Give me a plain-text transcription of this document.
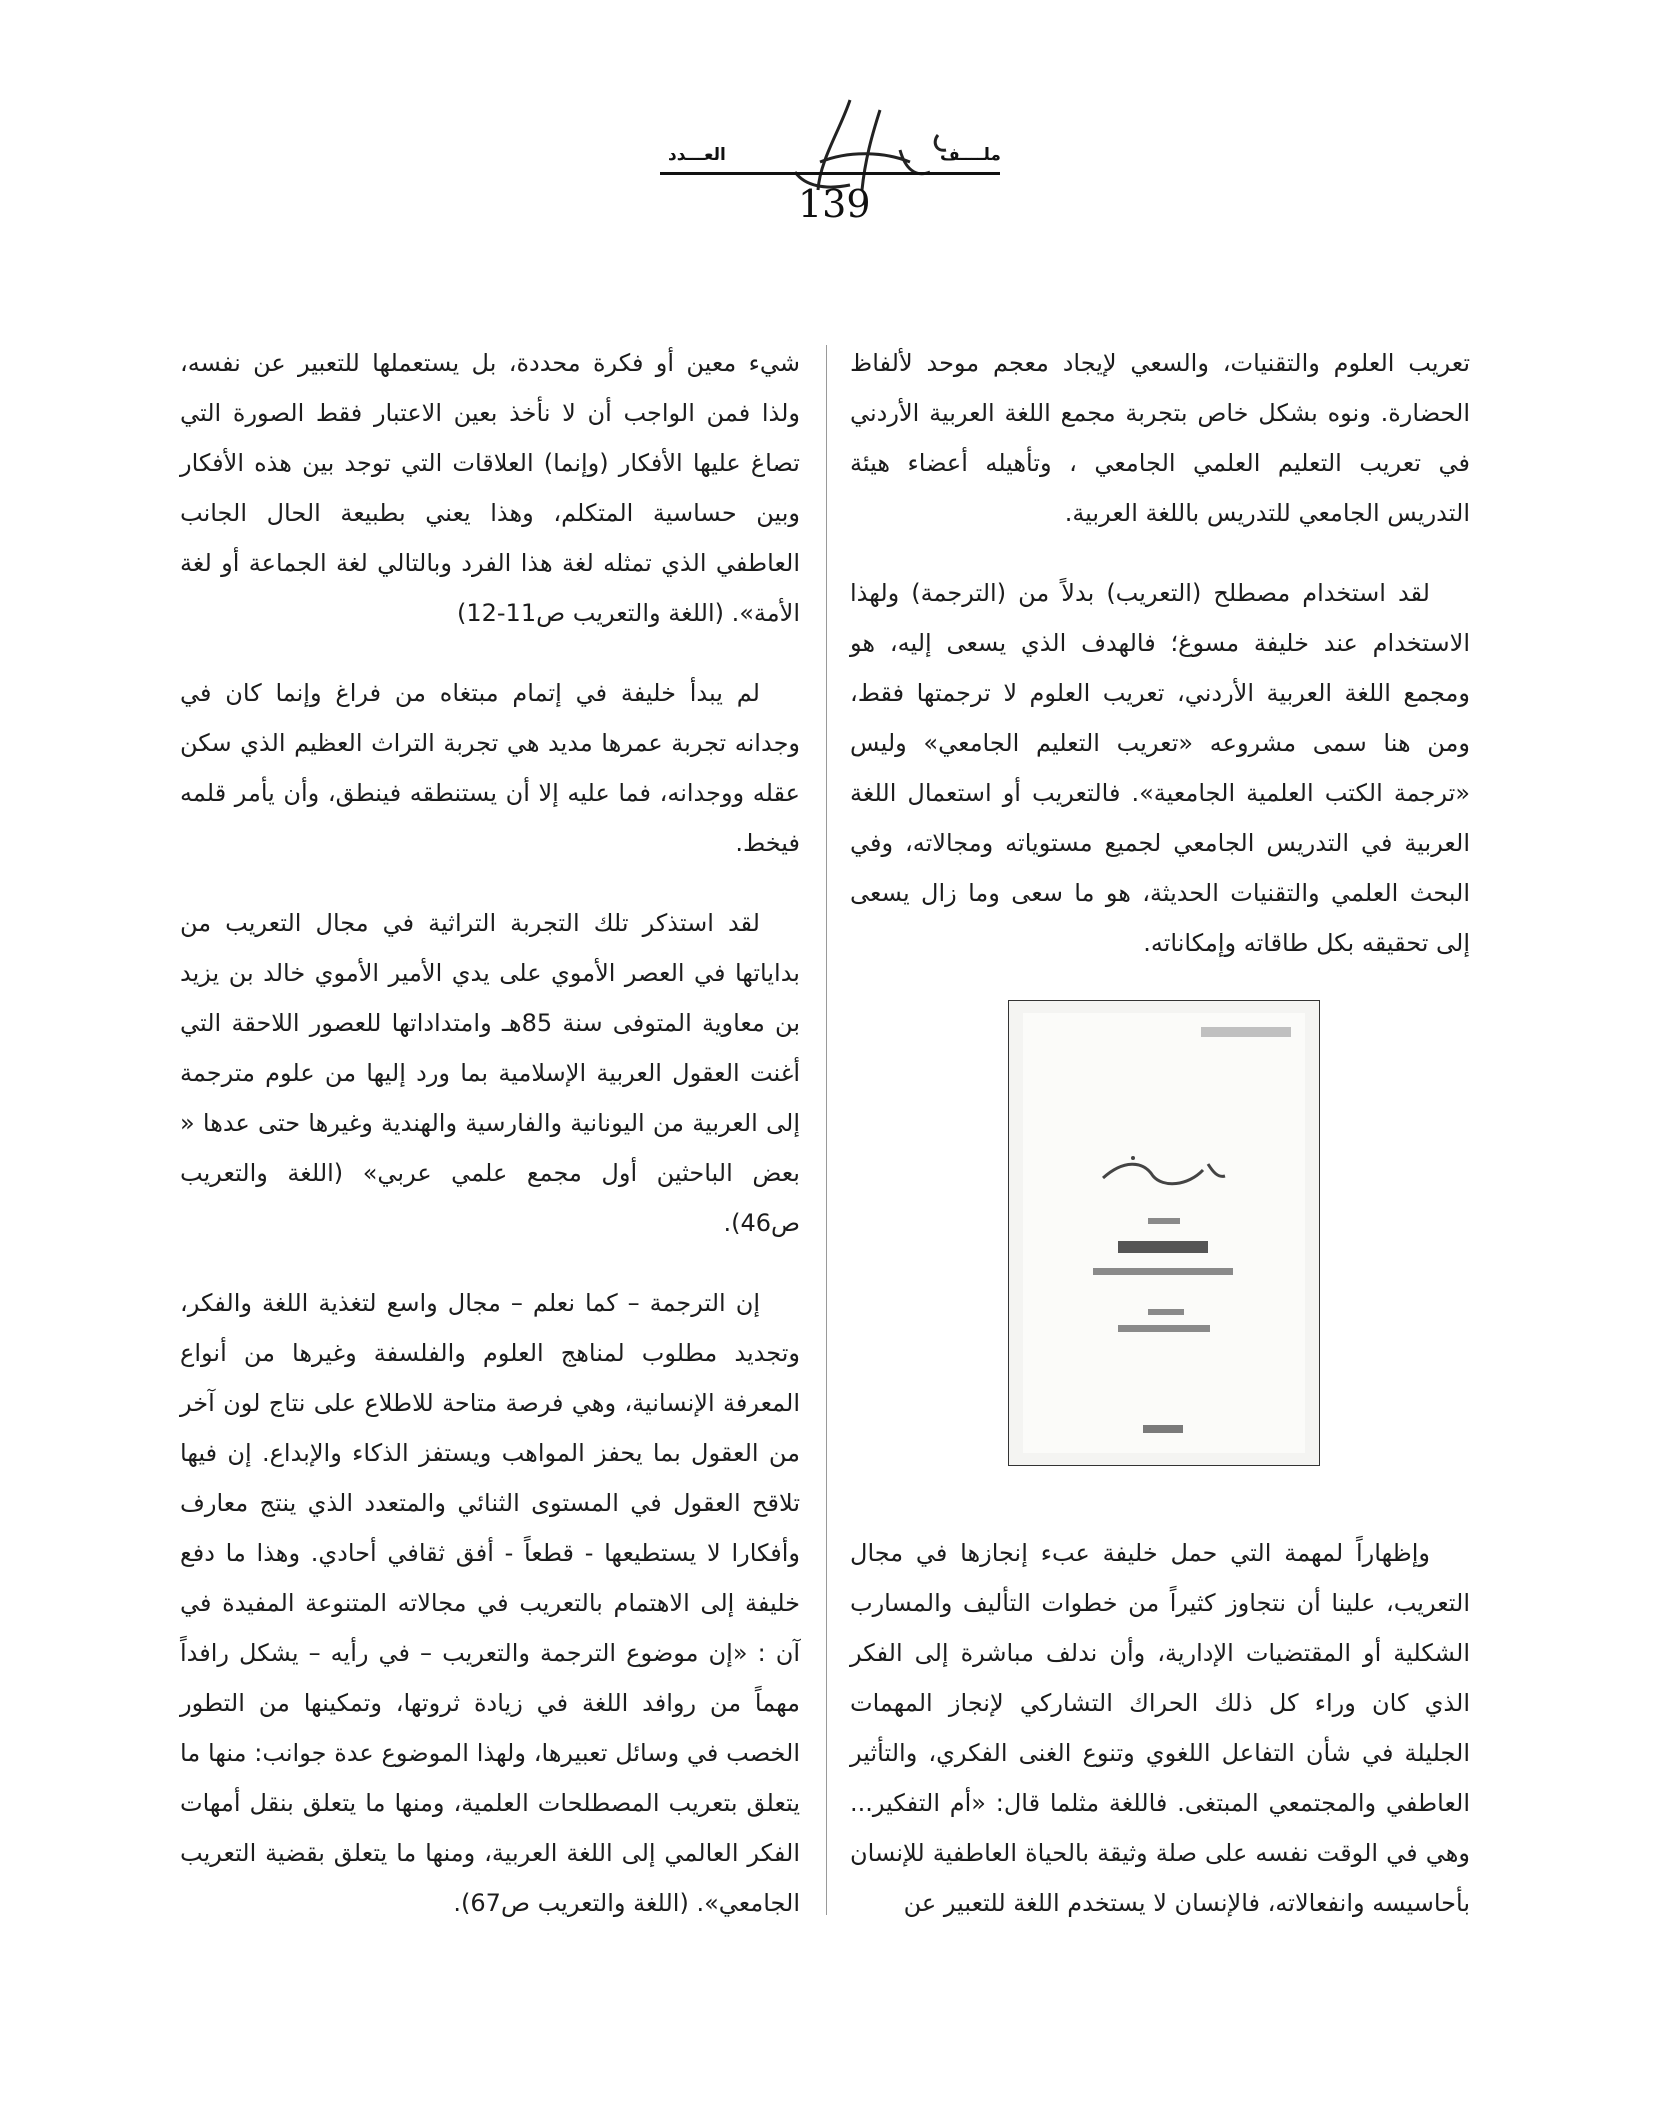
ملــــف
العـــدد
139

تعريب العلوم والتقنيات، والسعي لإيجاد معجم موحد لألفاظ الحضارة. ونوه بشكل خاص بتجربة مجمع اللغة العربية الأردني في تعريب التعليم العلمي الجامعي ، وتأهيله أعضاء هيئة التدريس الجامعي للتدريس باللغة العربية.

لقد استخدام مصطلح (التعريب) بدلاً من (الترجمة) ولهذا الاستخدام عند خليفة مسوغ؛ فالهدف الذي يسعى إليه، هو ومجمع اللغة العربية الأردني، تعريب العلوم لا ترجمتها فقط، ومن هنا سمى مشروعه «تعريب التعليم الجامعي» وليس «ترجمة الكتب العلمية الجامعية». فالتعريب أو استعمال اللغة العربية في التدريس الجامعي لجميع مستوياته ومجالاته، وفي البحث العلمي والتقنيات الحديثة، هو ما سعى وما زال يسعى إلى تحقيقه بكل طاقاته وإمكاناته.

وإظهاراً لمهمة التي حمل خليفة عبء إنجازها في مجال التعريب، علينا أن نتجاوز كثيراً من خطوات التأليف والمسارب الشكلية أو المقتضيات الإدارية، وأن ندلف مباشرة إلى الفكر الذي كان وراء كل ذلك الحراك التشاركي لإنجاز المهمات الجليلة في شأن التفاعل اللغوي وتنوع الغنى الفكري، والتأثير العاطفي والمجتمعي المبتغى. فاللغة مثلما قال: «أم التفكير... وهي في الوقت نفسه على صلة وثيقة بالحياة العاطفية للإنسان بأحاسيسه وانفعالاته، فالإنسان لا يستخدم اللغة للتعبير عن

شيء معين أو فكرة محددة، بل يستعملها للتعبير عن نفسه، ولذا فمن الواجب أن لا نأخذ بعين الاعتبار فقط الصورة التي تصاغ عليها الأفكار (وإنما) العلاقات التي توجد بين هذه الأفكار وبين حساسية المتكلم، وهذا يعني بطبيعة الحال الجانب العاطفي الذي تمثله لغة هذا الفرد وبالتالي لغة الجماعة أو لغة الأمة». (اللغة والتعريب ص11-12)

لم يبدأ خليفة في إتمام مبتغاه من فراغ وإنما كان في وجدانه تجربة عمرها مديد هي تجربة التراث العظيم الذي سكن عقله ووجدانه، فما عليه إلا أن يستنطقه فينطق، وأن يأمر قلمه فيخط.

لقد استذكر تلك التجربة التراثية في مجال التعريب من بداياتها في العصر الأموي على يدي الأمير الأموي خالد بن يزيد بن معاوية المتوفى سنة 85هـ وامتداداتها للعصور اللاحقة التي أغنت العقول العربية الإسلامية بما ورد إليها من علوم مترجمة إلى العربية من اليونانية والفارسية والهندية وغيرها حتى عدها « بعض الباحثين أول مجمع علمي عربي» (اللغة والتعريب ص46).

إن الترجمة – كما نعلم – مجال واسع لتغذية اللغة والفكر، وتجديد مطلوب لمناهج العلوم والفلسفة وغيرها من أنواع المعرفة الإنسانية، وهي فرصة متاحة للاطلاع على نتاج لون آخر من العقول بما يحفز المواهب ويستفز الذكاء والإبداع. إن فيها تلاقح العقول في المستوى الثنائي والمتعدد الذي ينتج معارف وأفكارا لا يستطيعها - قطعاً - أفق ثقافي أحادي. وهذا ما دفع خليفة إلى الاهتمام بالتعريب في مجالاته المتنوعة المفيدة في آن : «إن موضوع الترجمة والتعريب – في رأيه – يشكل رافداً مهماً من روافد اللغة في زيادة ثروتها، وتمكينها من التطور الخصب في وسائل تعبيرها، ولهذا الموضوع عدة جوانب: منها ما يتعلق بتعريب المصطلحات العلمية، ومنها ما يتعلق بنقل أمهات الفكر العالمي إلى اللغة العربية، ومنها ما يتعلق بقضية التعريب الجامعي». (اللغة والتعريب ص67).
